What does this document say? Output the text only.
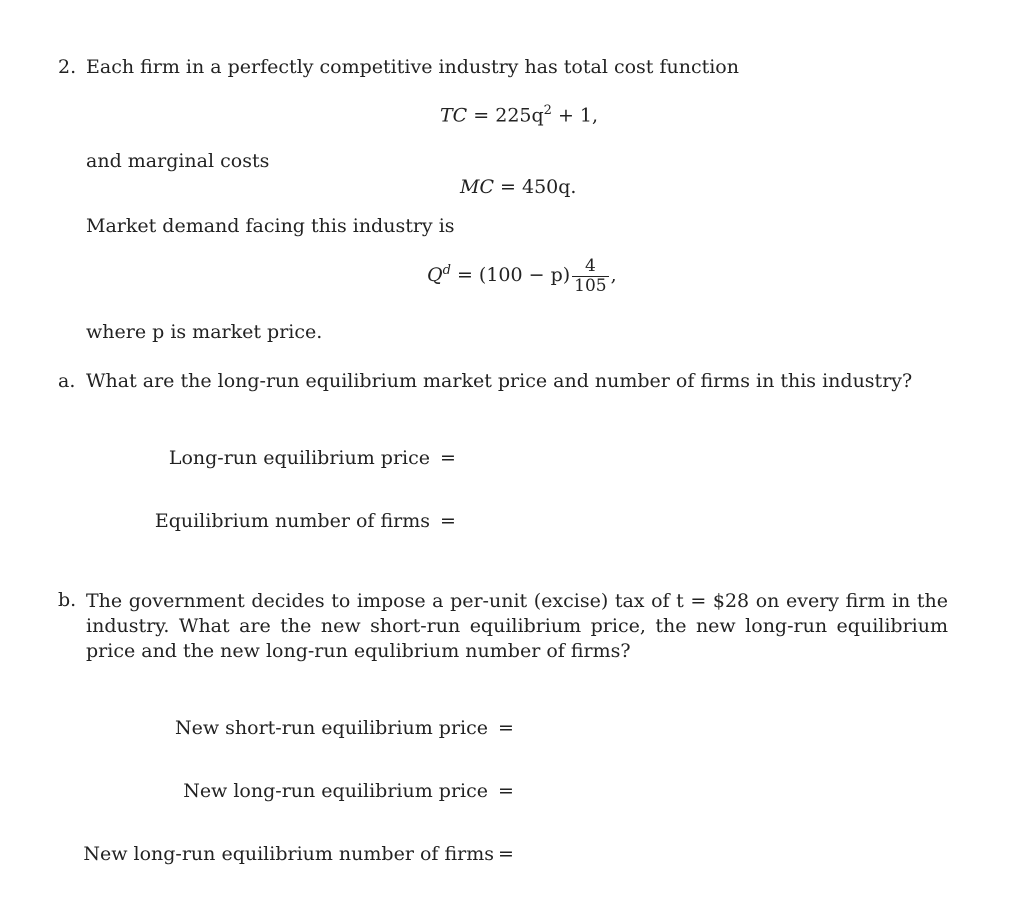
2. Each firm in a perfectly competitive industry has total cost function
TC = $225q^2 + 1$,
and marginal costs
MC = 450q.
Market demand facing this industry is
$Q^d = (100 - p) \frac{4}{105}$ ,
where p is market price.
a. What are the long-run equilibrium market price and number of firms in this industry?
Long-run equilibrium price =
Equilibrium number of firms =
b. The government decides to impose a per-unit (excise) tax of t = $28 on every firm in the industry. What are the new short-run equilibrium price, the new long-run equilibrium price and the new long-run equlibrium number of firms?
New short-run equilibrium price =
New long-run equilibrium price =
New long-run equilibrium number of firms =
